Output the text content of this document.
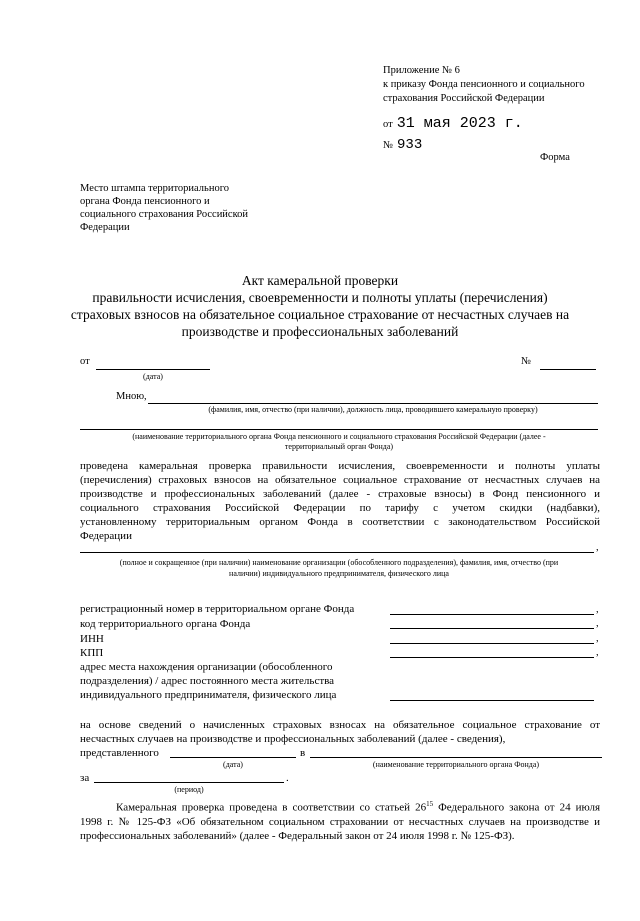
Приложение № 6
к приказу Фонда пенсионного и социального
страхования Российской Федерации
от 31 мая 2023 г.
№ 933
Форма
Место штампа территориального
органа Фонда пенсионного и
социального страхования Российской
Федерации
Акт камеральной проверки
правильности исчисления, своевременности и полноты уплаты (перечисления)
страховых взносов на обязательное социальное страхование от несчастных случаев на
производстве и профессиональных заболеваний
от
(дата)
№
Мною,
(фамилия, имя, отчество (при наличии), должность лица, проводившего камеральную проверку)
(наименование территориального органа Фонда пенсионного и социального страхования Российской Федерации (далее -
территориальный орган Фонда)
проведена камеральная проверка правильности исчисления, своевременности и полноты уплаты
(перечисления) страховых взносов на обязательное социальное страхование от несчастных случаев на
производстве и профессиональных заболеваний (далее - страховые взносы) в Фонд пенсионного и
социального страхования Российской Федерации по тарифу с учетом скидки (надбавки),
установленному территориальным органом Фонда в соответствии с законодательством Российской
Федерации
,
(полное и сокращенное (при наличии) наименование организации (обособленного подразделения), фамилия, имя, отчество (при
наличии) индивидуального предпринимателя, физического лица
регистрационный номер в территориальном органе Фонда	,
код территориального органа Фонда	,
ИНН	,
КПП	,
адрес места нахождения организации (обособленного
подразделения) / адрес постоянного места жительства
индивидуального предпринимателя, физического лица
на основе сведений о начисленных страховых взносах на обязательное социальное страхование от
несчастных случаев на производстве и профессиональных заболеваний (далее - сведения),
представленного	в
(дата)	(наименование территориального органа Фонда)
за	.
(период)
Камеральная проверка проведена в соответствии со статьей $26^{15}$ Федерального закона от 24 июля
1998 г. № 125-ФЗ «Об обязательном социальном страховании от несчастных случаев на производстве и
профессиональных заболеваний» (далее - Федеральный закон от 24 июля 1998 г. № 125-ФЗ).
